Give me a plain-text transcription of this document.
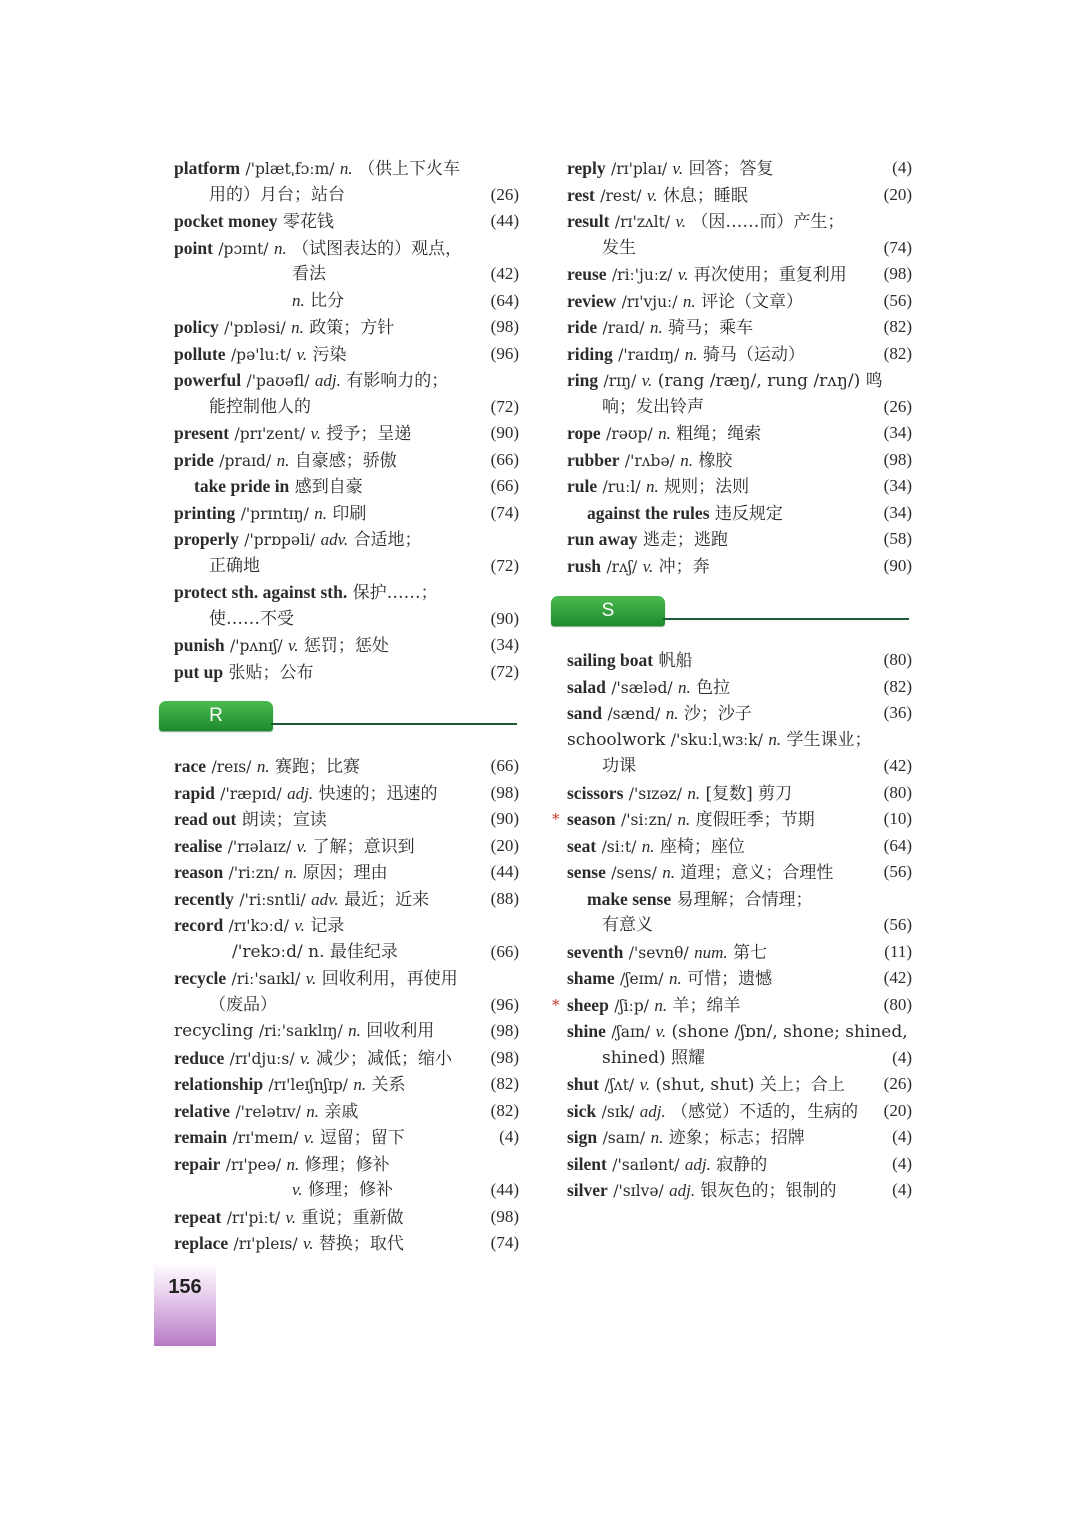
platform /'plætˌfɔːm/ n. （供上下火车
用的）月台；站台	(26)
pocket money 零花钱	(44)
point /pɔɪnt/ n. （试图表达的）观点，
看法	(42)
n. 比分	(64)
policy /'pɒləsi/ n. 政策；方针	(98)
pollute /pə'luːt/ v. 污染	(96)
powerful /'paʊəfl/ adj. 有影响力的；
能控制他人的	(72)
present /prɪ'zent/ v. 授予；呈递	(90)
pride /praɪd/ n. 自豪感；骄傲	(66)
take pride in 感到自豪	(66)
printing /'prɪntɪŋ/ n. 印刷	(74)
properly /'prɒpəli/ adv. 合适地；
正确地	(72)
protect sth. against sth. 保护……；
使……不受	(90)
punish /'pʌnɪʃ/ v. 惩罚；惩处	(34)
put up 张贴；公布	(72)
R
race /reɪs/ n. 赛跑；比赛	(66)
rapid /'ræpɪd/ adj. 快速的；迅速的	(98)
read out 朗读；宣读	(90)
realise /'rɪəlaɪz/ v. 了解；意识到	(20)
reason /'riːzn/ n. 原因；理由	(44)
recently /'riːsntli/ adv. 最近；近来	(88)
record /rɪ'kɔːd/ v. 记录
/'rekɔːd/ n. 最佳纪录	(66)
recycle /riː'saɪkl/ v. 回收利用，再使用
（废品）	(96)
recycling /riː'saɪklɪŋ/ n. 回收利用	(98)
reduce /rɪ'djuːs/ v. 减少；减低；缩小 (98)
relationship /rɪ'leɪʃnʃɪp/ n. 关系	(82)
relative /'relətɪv/ n. 亲戚	(82)
remain /rɪ'meɪn/ v. 逗留；留下	(4)
repair /rɪ'peə/ n. 修理；修补
v. 修理；修补	(44)
repeat /rɪ'piːt/ v. 重说；重新做	(98)
replace /rɪ'pleɪs/ v. 替换；取代	(74)
reply /rɪ'plaɪ/ v. 回答；答复	(4)
rest /rest/ v. 休息；睡眠	(20)
result /rɪ'zʌlt/ v. （因……而）产生；
发生	(74)
reuse /riː'juːz/ v. 再次使用；重复利用 (98)
review /rɪ'vjuː/ n. 评论（文章）	(56)
ride /raɪd/ n. 骑马；乘车	(82)
riding /'raɪdɪŋ/ n. 骑马（运动）	(82)
ring /rɪŋ/ v. (rang /ræŋ/, rung /rʌŋ/) 鸣
响；发出铃声	(26)
rope /rəʊp/ n. 粗绳；绳索	(34)
rubber /'rʌbə/ n. 橡胶	(98)
rule /ruːl/ n. 规则；法则	(34)
against the rules 违反规定	(34)
run away 逃走；逃跑	(58)
rush /rʌʃ/ v. 冲；奔	(90)
S
sailing boat 帆船	(80)
salad /'sæləd/ n. 色拉	(82)
sand /sænd/ n. 沙；沙子	(36)
schoolwork /'skuːlˌwɜːk/ n. 学生课业；
功课	(42)
scissors /'sɪzəz/ n. [复数] 剪刀	(80)
* season /'siːzn/ n. 度假旺季；节期	(10)
seat /siːt/ n. 座椅；座位	(64)
sense /sens/ n. 道理；意义；合理性	(56)
make sense 易理解；合情理；
有意义	(56)
seventh /'sevnθ/ num. 第七	(11)
shame /ʃeɪm/ n. 可惜；遗憾	(42)
* sheep /ʃiːp/ n. 羊；绵羊	(80)
shine /ʃaɪn/ v. (shone /ʃɒn/, shone; shined,
shined) 照耀	(4)
shut /ʃʌt/ v. (shut, shut) 关上；合上 (26)
sick /sɪk/ adj. （感觉）不适的，生病的 (20)
sign /saɪn/ n. 迹象；标志；招牌	(4)
silent /'saɪlənt/ adj. 寂静的	(4)
silver /'sɪlvə/ adj. 银灰色的；银制的	(4)
156
